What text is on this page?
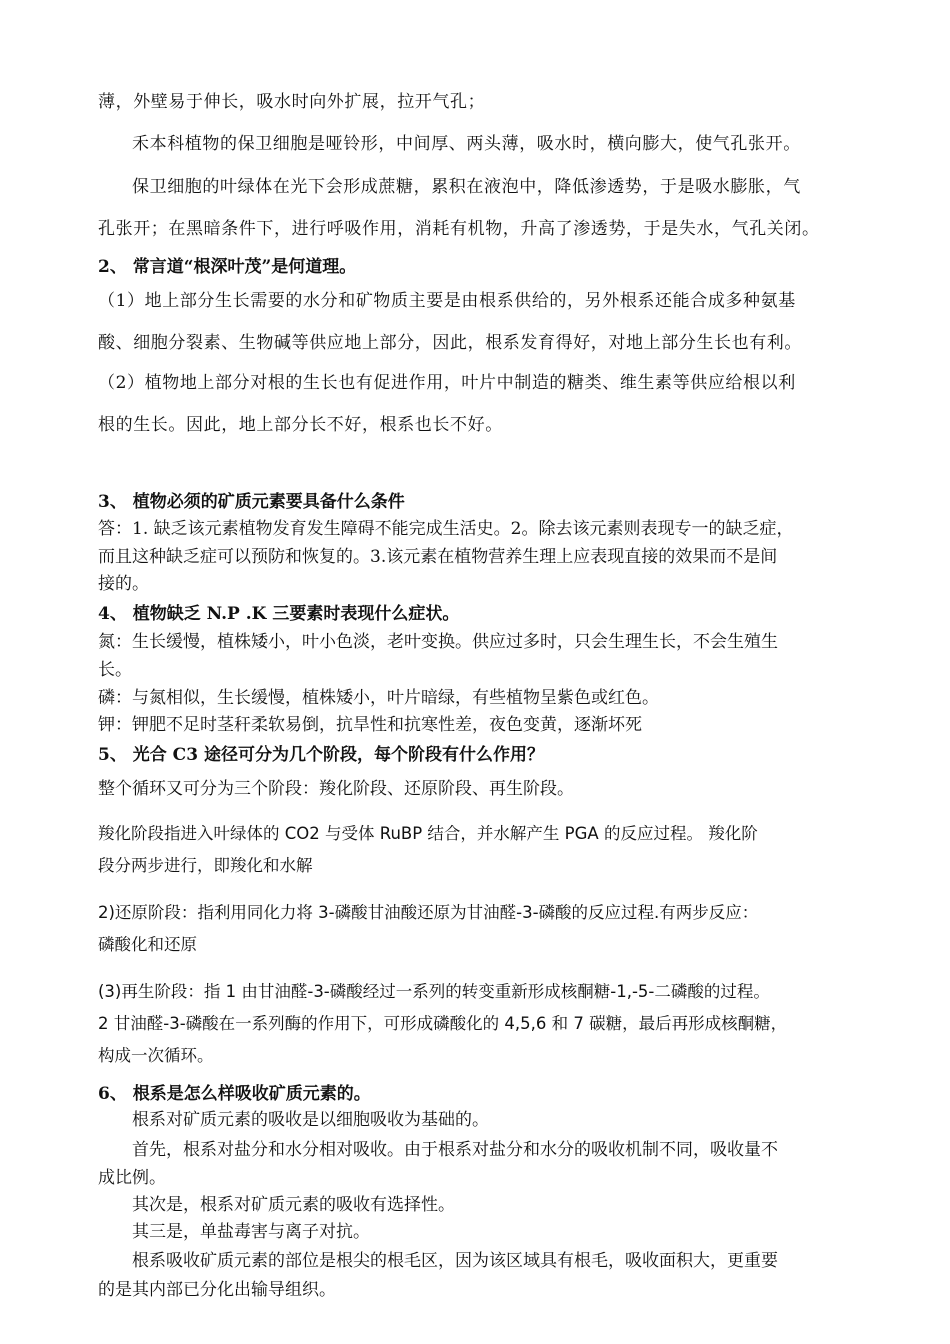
薄，外壁易于伸长，吸水时向外扩展，拉开气孔；
禾本科植物的保卫细胞是哑铃形，中间厚、两头薄，吸水时，横向膨大，使气孔张开。
保卫细胞的叶绿体在光下会形成蔗糖，累积在液泡中，降低渗透势，于是吸水膨胀，气
孔张开；在黑暗条件下，进行呼吸作用，消耗有机物，升高了渗透势，于是失水，气孔关闭。
2、 常言道“根深叶茂”是何道理。
（1）地上部分生长需要的水分和矿物质主要是由根系供给的，另外根系还能合成多种氨基
酸、细胞分裂素、生物碱等供应地上部分，因此，根系发育得好，对地上部分生长也有利。
（2）植物地上部分对根的生长也有促进作用，叶片中制造的糖类、维生素等供应给根以利
根的生长。因此，地上部分长不好，根系也长不好。
3、 植物必须的矿质元素要具备什么条件
答：1. 缺乏该元素植物发育发生障碍不能完成生活史。2。除去该元素则表现专一的缺乏症，
而且这种缺乏症可以预防和恢复的。3.该元素在植物营养生理上应表现直接的效果而不是间
接的。
4、 植物缺乏 N.P .K 三要素时表现什么症状。
氮：生长缓慢，植株矮小，叶小色淡，老叶变换。供应过多时，只会生理生长，不会生殖生
长。
磷：与氮相似，生长缓慢，植株矮小，叶片暗绿，有些植物呈紫色或红色。
钾：钾肥不足时茎秆柔软易倒，抗旱性和抗寒性差，夜色变黄，逐渐坏死
5、 光合 C3 途径可分为几个阶段，每个阶段有什么作用？
整个循环又可分为三个阶段：羧化阶段、还原阶段、再生阶段。
羧化阶段指进入叶绿体的 CO2 与受体 RuBP 结合，并水解产生 PGA 的反应过程。 羧化阶
段分两步进行，即羧化和水解
2)还原阶段：指利用同化力将 3-磷酸甘油酸还原为甘油醛-3-磷酸的反应过程.有两步反应：
磷酸化和还原
(3)再生阶段：指 1 由甘油醛-3-磷酸经过一系列的转变重新形成核酮糖-1,-5-二磷酸的过程。
2 甘油醛-3-磷酸在一系列酶的作用下，可形成磷酸化的 4,5,6 和 7 碳糖，最后再形成核酮糖，
构成一次循环。
6、 根系是怎么样吸收矿质元素的。
根系对矿质元素的吸收是以细胞吸收为基础的。
首先，根系对盐分和水分相对吸收。由于根系对盐分和水分的吸收机制不同，吸收量不
成比例。
其次是，根系对矿质元素的吸收有选择性。
其三是，单盐毒害与离子对抗。
根系吸收矿质元素的部位是根尖的根毛区，因为该区域具有根毛，吸收面积大，更重要
的是其内部已分化出输导组织。
